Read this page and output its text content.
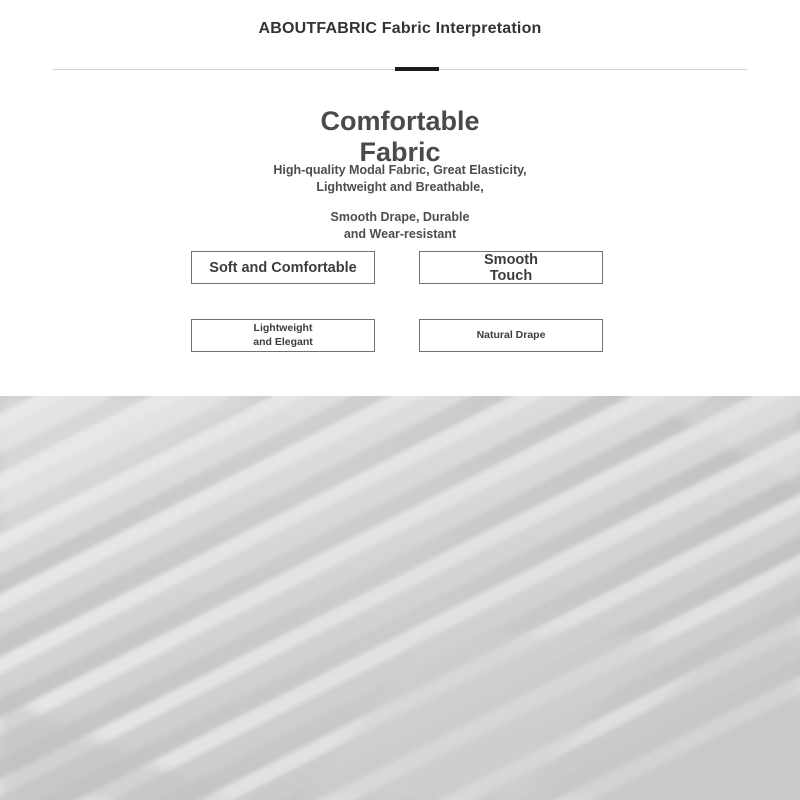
ABOUTFABRIC Fabric Interpretation
Comfortable
Fabric

High-quality Modal Fabric, Great Elasticity,
Lightweight and Breathable,

Smooth Drape, Durable
and Wear-resistant

Soft and Comfortable	Smooth
Touch
Lightweight
and Elegant
Natural Drape
